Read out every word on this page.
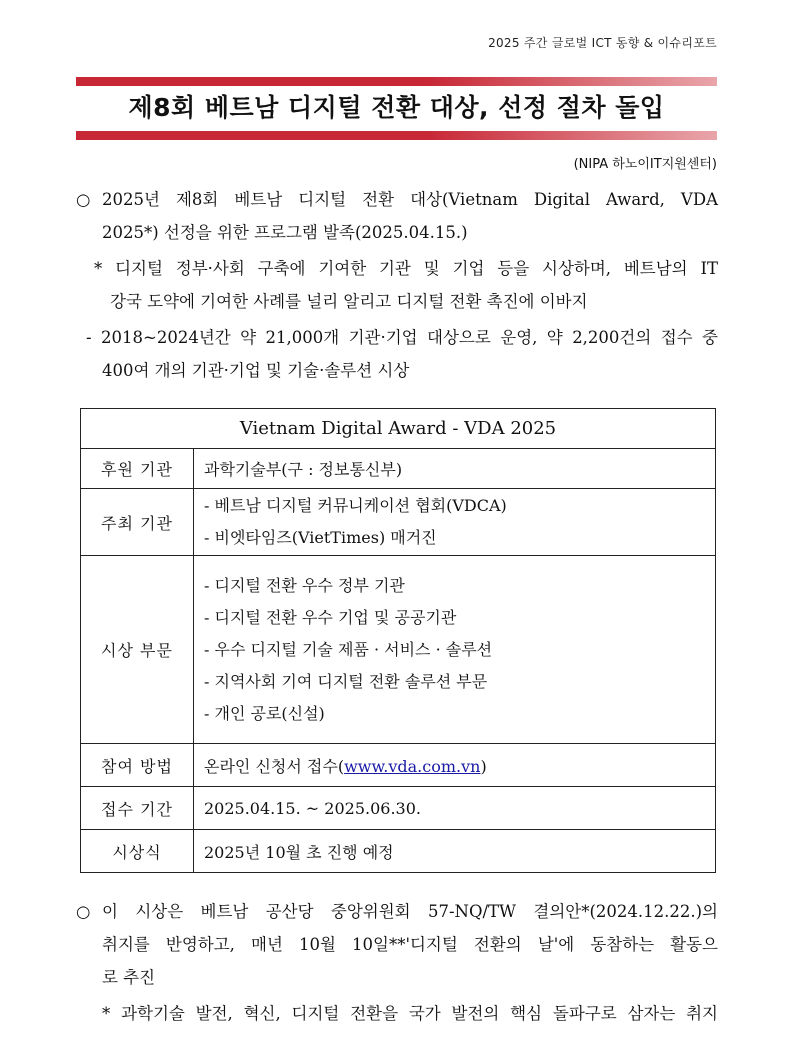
2025 주간 글로벌 ICT 동향 & 이슈리포트
제8회 베트남 디지털 전환 대상, 선정 절차 돌입
(NIPA 하노이IT지원센터)
○ 2025년 제8회 베트남 디지털 전환 대상(Vietnam Digital Award, VDA
2025*) 선정을 위한 프로그램 발족(2025.04.15.)
* 디지털 정부·사회 구축에 기여한 기관 및 기업 등을 시상하며, 베트남의 IT
강국 도약에 기여한 사례를 널리 알리고 디지털 전환 촉진에 이바지
- 2018~2024년간 약 21,000개 기관·기업 대상으로 운영, 약 2,200건의 접수 중
400여 개의 기관·기업 및 기술·솔루션 시상
Vietnam Digital Award - VDA 2025	
후원 기관	과학기술부(구 : 정보통신부)
주최 기관	- 베트남 디지털 커뮤니케이션 협회(VDCA)
- 비엣타임즈(VietTimes) 매거진

시상 부문	- 디지털 전환 우수 정부 기관
- 디지털 전환 우수 기업 및 공공기관
- 우수 디지털 기술 제품 · 서비스 · 솔루션
- 지역사회 기여 디지털 전환 솔루션 부문
- 개인 공로(신설)

참여 방법	온라인 신청서 접수(www.vda.com.vn)
접수 기간	2025.04.15. ~ 2025.06.30.
시상식	2025년 10월 초 진행 예정
○ 이 시상은 베트남 공산당 중앙위원회 57-NQ/TW 결의안*(2024.12.22.)의
취지를 반영하고, 매년 10월 10일**'디지털 전환의 날'에 동참하는 활동으
로 추진
* 과학기술 발전, 혁신, 디지털 전환을 국가 발전의 핵심 돌파구로 삼자는 취지
